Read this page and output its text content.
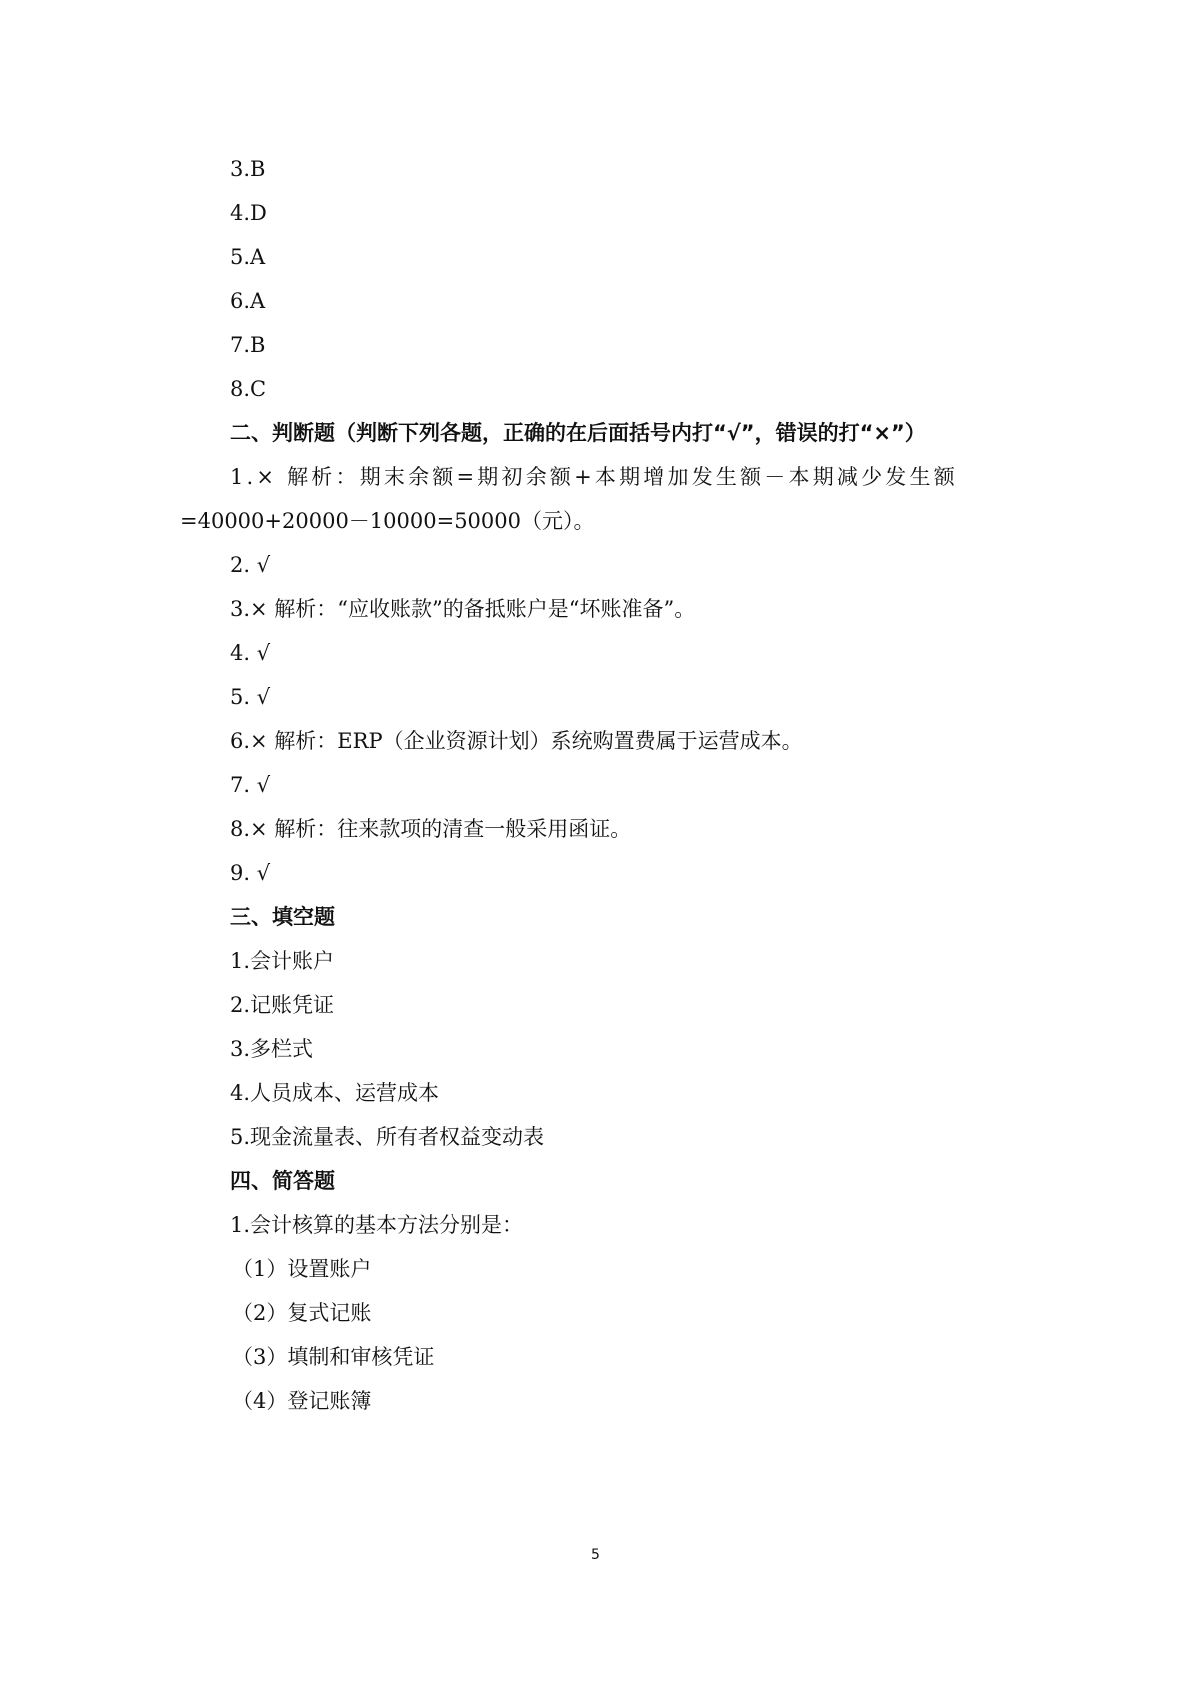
3.B
4.D
5.A
6.A
7.B
8.C
二、判断题（判断下列各题，正确的在后面括号内打“√”，错误的打“×”）
1.× 解析：期末余额=期初余额+本期增加发生额－本期减少发生额
=40000+20000－10000=50000（元）。
2. √
3.× 解析：“应收账款”的备抵账户是“坏账准备”。
4. √
5. √
6.× 解析：ERP（企业资源计划）系统购置费属于运营成本。
7. √
8.× 解析：往来款项的清查一般采用函证。
9. √
三、填空题
1.会计账户
2.记账凭证
3.多栏式
4.人员成本、运营成本
5.现金流量表、所有者权益变动表
四、简答题
1.会计核算的基本方法分别是：
（1）设置账户
（2）复式记账
（3）填制和审核凭证
（4）登记账簿
5
